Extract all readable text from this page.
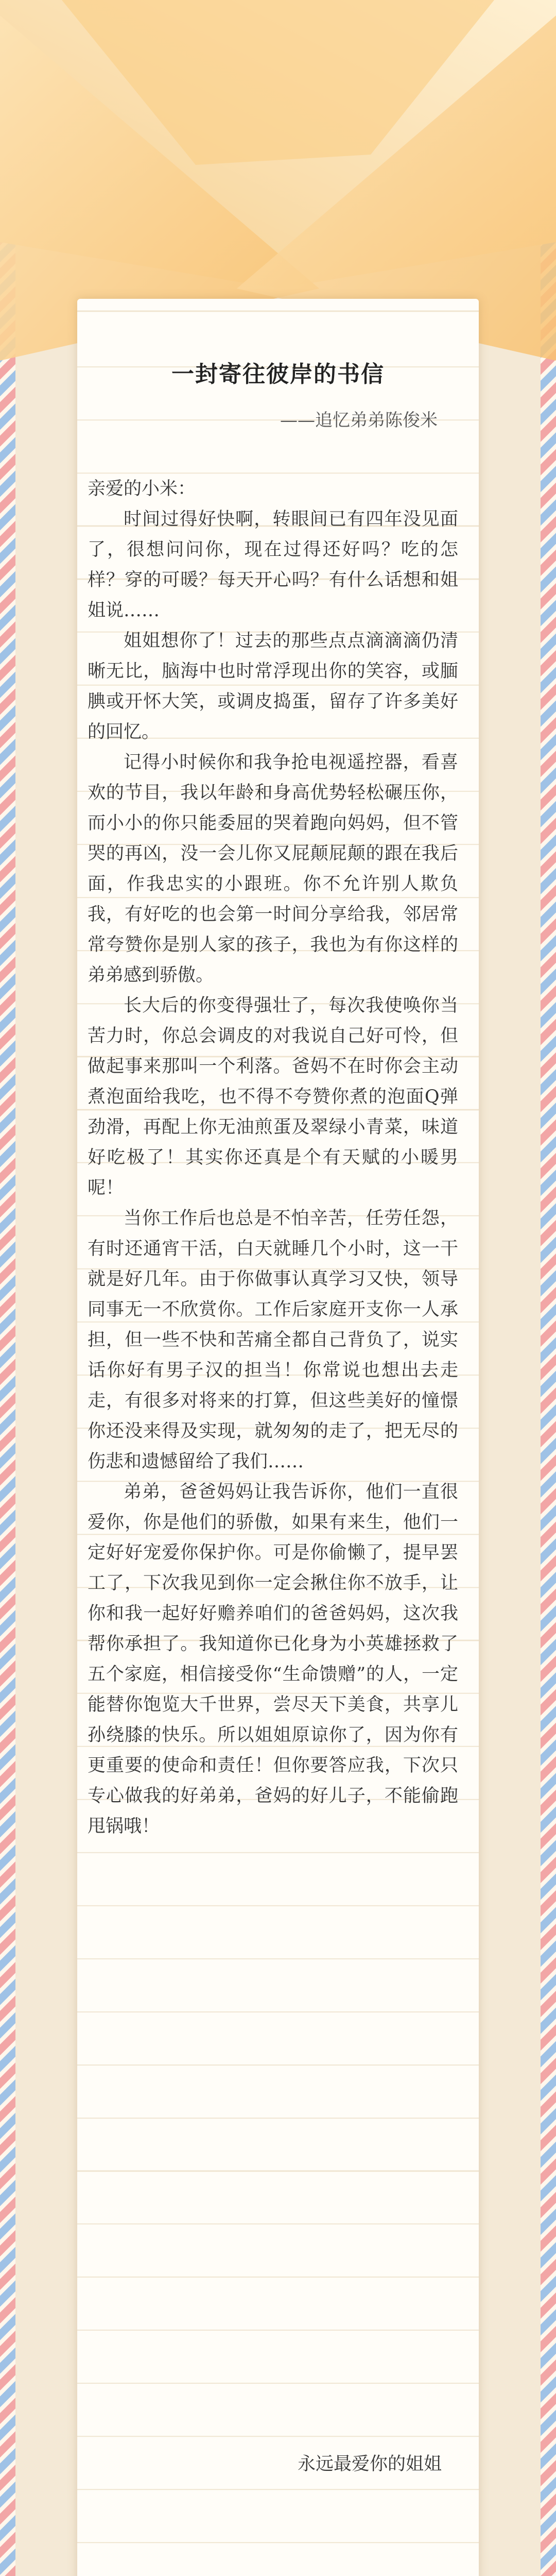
一封寄往彼岸的书信
——追忆弟弟陈俊米

亲爱的小米：

时间过得好快啊，转眼间已有四年没见面了，很想问问你，现在过得还好吗？吃的怎样？穿的可暖？每天开心吗？有什么话想和姐姐说……

姐姐想你了！过去的那些点点滴滴滴仍清晰无比，脑海中也时常浮现出你的笑容，或腼腆或开怀大笑，或调皮捣蛋，留存了许多美好的回忆。

记得小时候你和我争抢电视遥控器，看喜欢的节目，我以年龄和身高优势轻松碾压你，而小小的你只能委屈的哭着跑向妈妈，但不管哭的再凶，没一会儿你又屁颠屁颠的跟在我后面，作我忠实的小跟班。你不允许别人欺负我，有好吃的也会第一时间分享给我，邻居常常夸赞你是别人家的孩子，我也为有你这样的弟弟感到骄傲。

长大后的你变得强壮了，每次我使唤你当苦力时，你总会调皮的对我说自己好可怜，但做起事来那叫一个利落。爸妈不在时你会主动煮泡面给我吃，也不得不夸赞你煮的泡面Q弹劲滑，再配上你无油煎蛋及翠绿小青菜，味道好吃极了！其实你还真是个有天赋的小暖男呢！

当你工作后也总是不怕辛苦，任劳任怨，有时还通宵干活，白天就睡几个小时，这一干就是好几年。由于你做事认真学习又快，领导同事无一不欣赏你。工作后家庭开支你一人承担，但一些不快和苦痛全都自己背负了，说实话你好有男子汉的担当！你常说也想出去走走，有很多对将来的打算，但这些美好的憧憬你还没来得及实现，就匆匆的走了，把无尽的伤悲和遗憾留给了我们……

弟弟，爸爸妈妈让我告诉你，他们一直很爱你，你是他们的骄傲，如果有来生，他们一定好好宠爱你保护你。可是你偷懒了，提早罢工了，下次我见到你一定会揪住你不放手，让你和我一起好好赡养咱们的爸爸妈妈，这次我帮你承担了。我知道你已化身为小英雄拯救了五个家庭，相信接受你“生命馈赠”的人，一定能替你饱览大千世界，尝尽天下美食，共享儿孙绕膝的快乐。所以姐姐原谅你了，因为你有更重要的使命和责任！但你要答应我，下次只专心做我的好弟弟，爸妈的好儿子，不能偷跑甩锅哦！

永远最爱你的姐姐
